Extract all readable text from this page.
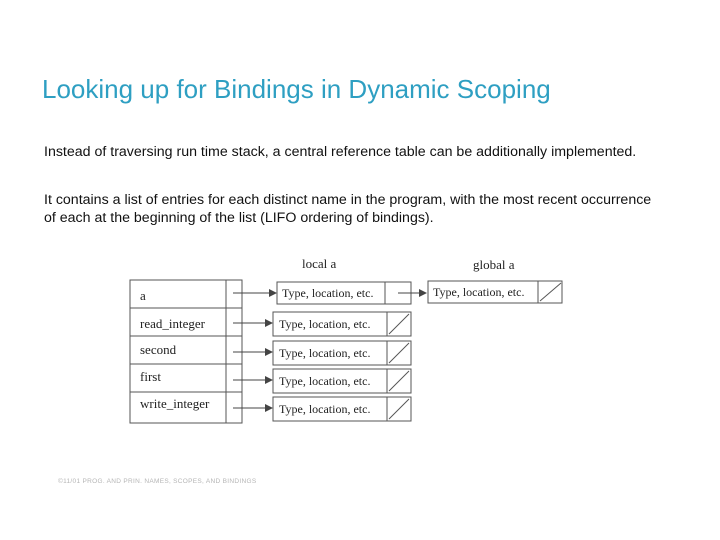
Looking up for Bindings in Dynamic Scoping

Instead of traversing run time stack, a central reference table can be additionally implemented.

It contains a list of entries for each distinct name in the program, with the most recent occurrence of each at the beginning of the list (LIFO ordering of bindings).

local a	global a
a
read_integer
second
first
write_integer
Type, location, etc.	Type, location, etc.
Type, location, etc.
Type, location, etc.
Type, location, etc.
Type, location, etc.
©11/01 PROG. AND PRIN. NAMES, SCOPES, AND BINDINGS
